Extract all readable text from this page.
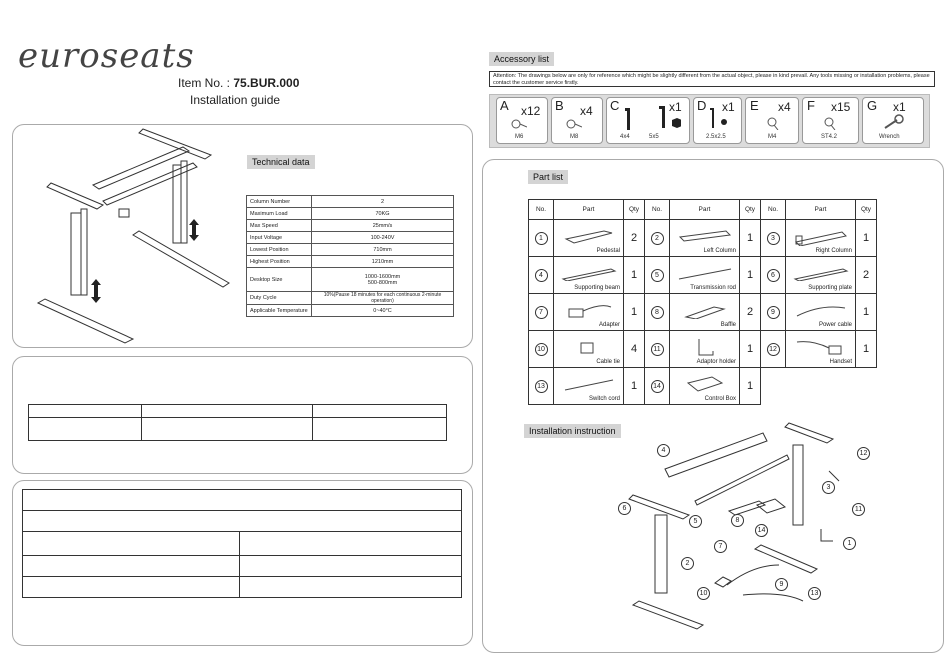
euroseats
Item No. : 75.BUR.000
Installation guide
Technical data
Column Number	2
Maximum Load	70KG
Max Speed	25mm/s
Input Voltage	100-240V
Lowest Position	710mm
Highest Position	1210mm
Desktop Size	1000-1600mm
500-800mm

Duty Cycle	10%(Pause 18 minutes for each continuous 2-minute operation)
Applicable Temperature	0~40°C

Accessory list
Attention: The drawings below are only for reference which might be slightly different from the actual object, please in kind prevail. Any tools missing or installation problems, please contact the customer service firstly.
A x12
M6
B x4
M8
C	x1
4x4	5x5
D x1
2.5x2.5
E x4
M4
F x15
ST4.2
G x1
Wrench
Part list
No.	Part	Qty	No.	Part	Qty	No.	Part	Qty
1	Pedestal	2	2	Left Column	1	3	Right Column	1
4	Supporting beam	1	5	Transmission rod	1	6	Supporting plate	2
7	Adapter	1	8	Baffle	2	9	Power cable	1
10	Cable tie	4	11	Adaptor holder	1	12	Handset	1
13	Switch cord	1	14	Control Box	1			
Installation instruction
4	12
6
3
5	8
14
11
1
7
2
9
10	13
